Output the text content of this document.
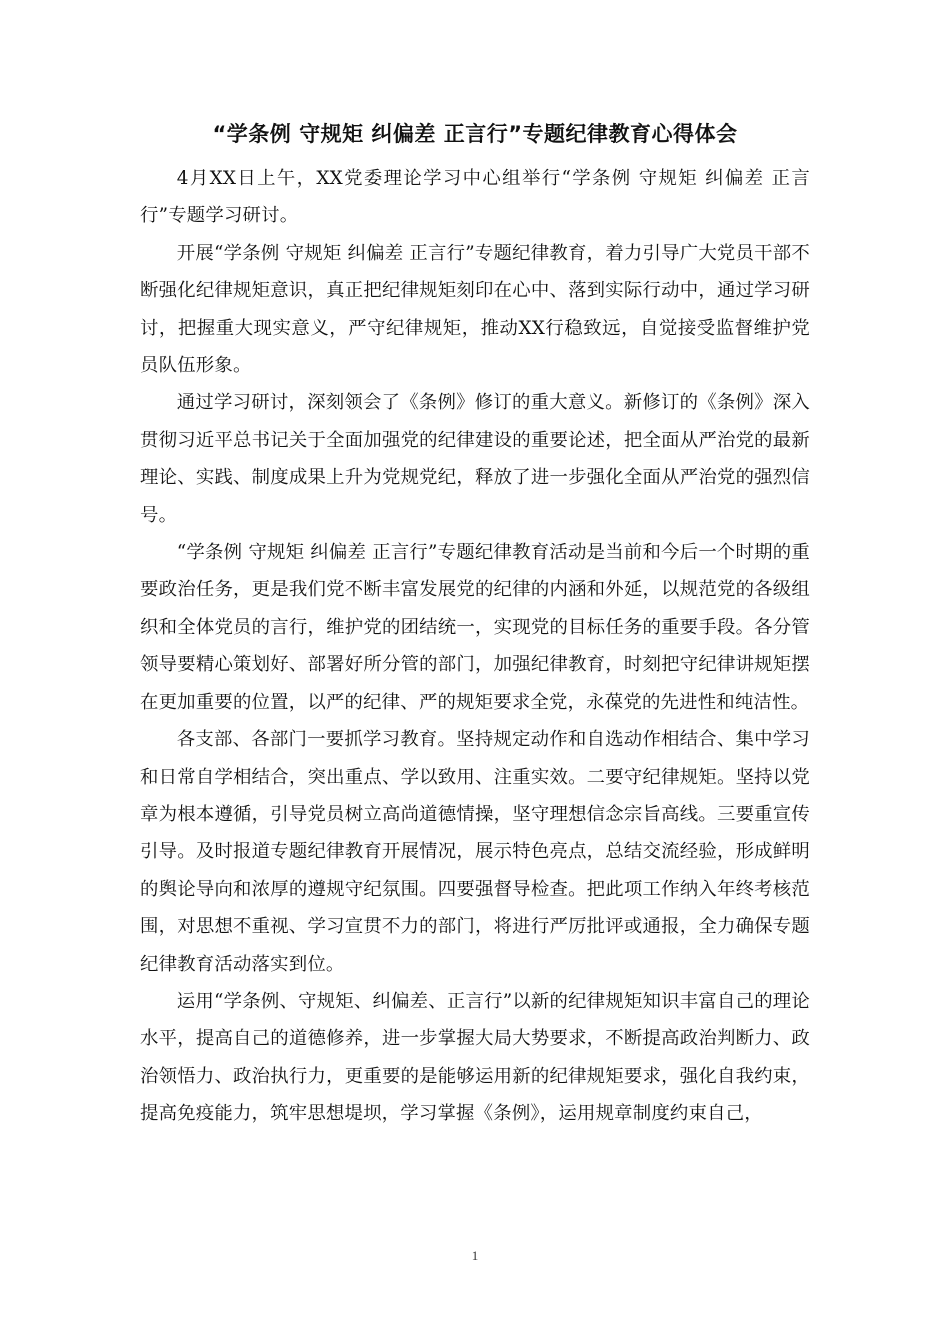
“学条例 守规矩 纠偏差 正言行”专题纪律教育心得体会

4月XX日上午，XX党委理论学习中心组举行“学条例 守规矩 纠偏差 正言行”专题学习研讨。

开展“学条例 守规矩 纠偏差 正言行”专题纪律教育，着力引导广大党员干部不断强化纪律规矩意识，真正把纪律规矩刻印在心中、落到实际行动中，通过学习研讨，把握重大现实意义，严守纪律规矩，推动XX行稳致远，自觉接受监督维护党员队伍形象。

通过学习研讨，深刻领会了《条例》修订的重大意义。新修订的《条例》深入贯彻习近平总书记关于全面加强党的纪律建设的重要论述，把全面从严治党的最新理论、实践、制度成果上升为党规党纪，释放了进一步强化全面从严治党的强烈信号。

“学条例 守规矩 纠偏差 正言行”专题纪律教育活动是当前和今后一个时期的重要政治任务，更是我们党不断丰富发展党的纪律的内涵和外延，以规范党的各级组织和全体党员的言行，维护党的团结统一，实现党的目标任务的重要手段。各分管领导要精心策划好、部署好所分管的部门，加强纪律教育，时刻把守纪律讲规矩摆在更加重要的位置，以严的纪律、严的规矩要求全党，永葆党的先进性和纯洁性。

各支部、各部门一要抓学习教育。坚持规定动作和自选动作相结合、集中学习和日常自学相结合，突出重点、学以致用、注重实效。二要守纪律规矩。坚持以党章为根本遵循，引导党员树立高尚道德情操，坚守理想信念宗旨高线。三要重宣传引导。及时报道专题纪律教育开展情况，展示特色亮点，总结交流经验，形成鲜明的舆论导向和浓厚的遵规守纪氛围。四要强督导检查。把此项工作纳入年终考核范围，对思想不重视、学习宣贯不力的部门，将进行严厉批评或通报，全力确保专题纪律教育活动落实到位。

运用“学条例、守规矩、纠偏差、正言行”以新的纪律规矩知识丰富自己的理论水平，提高自己的道德修养，进一步掌握大局大势要求，不断提高政治判断力、政治领悟力、政治执行力，更重要的是能够运用新的纪律规矩要求，强化自我约束，提高免疫能力，筑牢思想堤坝，学习掌握《条例》，运用规章制度约束自己，

1
